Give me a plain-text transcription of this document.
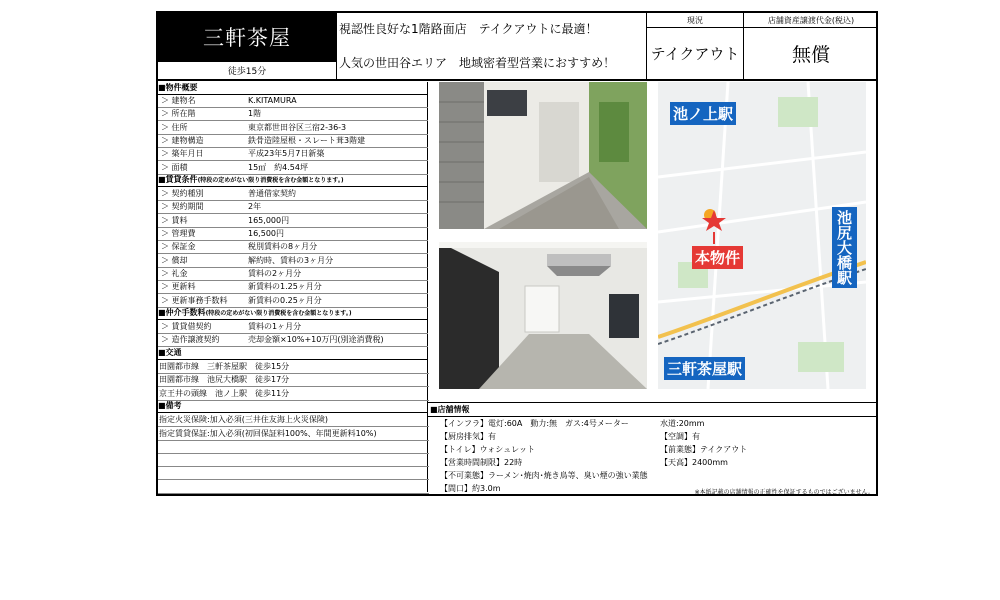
三軒茶屋
徒歩15分
視認性良好な1階路面店　テイクアウトに最適！
人気の世田谷エリア　地域密着型営業におすすめ！
現況
テイクアウト
店舗資産譲渡代金(税込)
無償
■物件概要
＞ 建物名	K.KITAMURA
＞ 所在階	1階
＞ 住所	東京都世田谷区三宿2-36-3
＞ 建物構造	鉄骨造陸屋根・スレート葺3階建
＞ 築年月日	平成23年5月7日新築
＞ 面積	15㎡　約4.54坪
■賃貸条件(特段の定めがない限り消費税を含む金額となります。)
＞ 契約種別	普通借家契約
＞ 契約期間	2年
＞ 賃料	165,000円
＞ 管理費	16,500円
＞ 保証金	税別賃料の8ヶ月分
＞ 償却	解約時、賃料の3ヶ月分
＞ 礼金	賃料の2ヶ月分
＞ 更新料	新賃料の1.25ヶ月分
＞ 更新事務手数料	新賃料の0.25ヶ月分
■仲介手数料(特段の定めがない限り消費税を含む金額となります。)
＞ 賃貸借契約	賃料の1ヶ月分
＞ 造作譲渡契約	売却金額×10%+10万円(別途消費税)
■交通
田園都市線　三軒茶屋駅　徒歩15分
田園都市線　池尻大橋駅　徒歩17分
京王井の頭線　池ノ上駅　徒歩11分
■備考
指定火災保険:加入必須(三井住友海上火災保険)
指定賃貸保証:加入必須(初回保証料100%、年間更新料10%)
池ノ上駅
池尻大橋駅
三軒茶屋駅
本物件
■店舗情報
【インフラ】電灯:60A　動力:無　ガス:4号メーター
【厨房排気】有
【トイレ】ウォシュレット
【営業時間制限】22時
【不可業態】ラーメン･焼肉･焼き鳥等、臭い煙の強い業態
【間口】約3.0m
水道:20mm
【空調】有
【前業態】テイクアウト
【天高】2400mm
※本紙記載の店舗情報の正確性を保証するものではございません。
